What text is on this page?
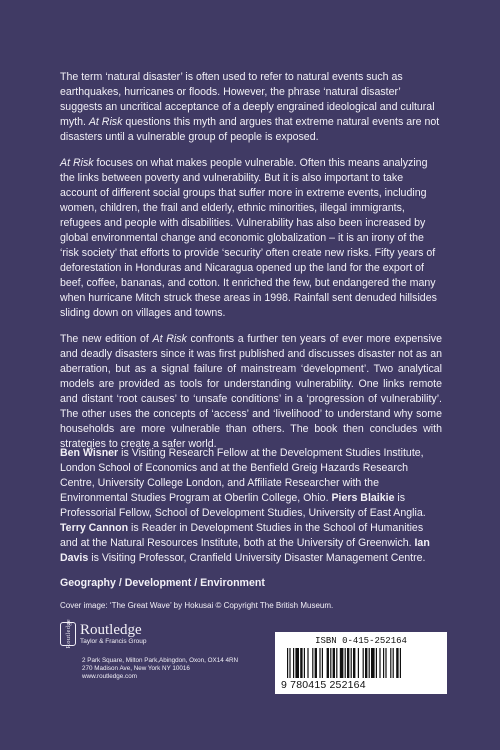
The term ‘natural disaster’ is often used to refer to natural events such as earthquakes, hurricanes or floods. However, the phrase ‘natural disaster’ suggests an uncritical acceptance of a deeply engrained ideological and cultural myth. At Risk questions this myth and argues that extreme natural events are not disasters until a vulnerable group of people is exposed.

At Risk focuses on what makes people vulnerable. Often this means analyzing the links between poverty and vulnerability. But it is also important to take account of different social groups that suffer more in extreme events, including women, children, the frail and elderly, ethnic minorities, illegal immigrants, refugees and people with disabilities. Vulnerability has also been increased by global environmental change and economic globalization – it is an irony of the ‘risk society’ that efforts to provide ‘security’ often create new risks. Fifty years of deforestation in Honduras and Nicaragua opened up the land for the export of beef, coffee, bananas, and cotton. It enriched the few, but endangered the many when hurricane Mitch struck these areas in 1998. Rainfall sent denuded hillsides sliding down on villages and towns.

The new edition of At Risk confronts a further ten years of ever more expensive and deadly disasters since it was first published and discusses disaster not as an aberration, but as a signal failure of mainstream ‘development’. Two analytical models are provided as tools for understanding vulnerability. One links remote and distant ‘root causes’ to ‘unsafe conditions’ in a ‘progression of vulnerability’. The other uses the concepts of ‘access’ and ‘livelihood’ to understand why some households are more vulnerable than others. The book then concludes with strategies to create a safer world.

Ben Wisner is Visiting Research Fellow at the Development Studies Institute, London School of Economics and at the Benfield Greig Hazards Research Centre, University College London, and Affiliate Researcher with the Environmental Studies Program at Oberlin College, Ohio. Piers Blaikie is Professorial Fellow, School of Development Studies, University of East Anglia. Terry Cannon is Reader in Development Studies in the School of Humanities and at the Natural Resources Institute, both at the University of Greenwich. Ian Davis is Visiting Professor, Cranfield University Disaster Management Centre.
Geography / Development / Environment
Cover image: ‘The Great Wave’ by Hokusai © Copyright The British Museum.
Routledge Routledge
Taylor & Francis Group
2 Park Square, Milton Park,Abingdon, Oxon, OX14 4RN
270 Madison Ave, New York NY 10016
www.routledge.com
ISBN 0-415-252164
9 780415 252164
